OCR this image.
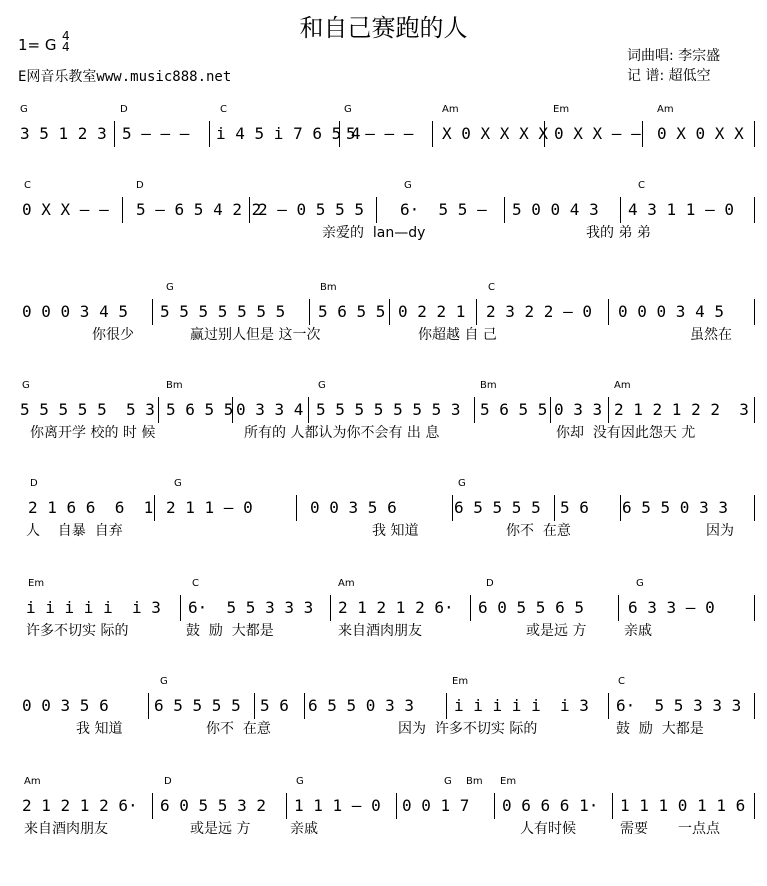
和自己赛跑的人
1= G 4
4
E网音乐教室www.music888.net
词曲唱: 李宗盛
记 谱: 超低空
G	D	C	G	Am	Em	Am
3 5 1 2 3 5 — — —	i 4 5 i 7 6 5 4
5 — — —	X 0 X X X X 0 X X — — 0 X 0 X X
C	D	G	C
0 X X — —	5 — 6 5 4 2 2
2 — 0 5 5 5	6·  5 5 —	5 0 0 4 3	4 3 1 1 — 0
亲爱的  lan—dy	我的 弟 弟
G	Bm	C
0 0 0 3 4 5	5 5 5 5 5 5 5	5 6 5 5 0 2 2 1	2 3 2 2 — 0	0 0 0 3 4 5
你很少	赢过别人但是 这一次	你超越 自 己	虽然在
G	Bm	G	Bm	Am
5 5 5 5 5  5 3 5 6 5 5 0 3 3 4 5 5 5 5 5 5 5 3	5 6 5 5 0 3 3 2 1 2 1 2 2  3
你离开学 校的 时 候	所有的 人都认为你不会有 出 息	你却  没有因此怨天 尤
D	G	G
2 1 6 6  6  1 2 1 1 — 0	0 0 3 5 6	6 5 5 5 5	5 6	6 5 5 0 3 3
人    自暴  自弃	我 知道	你不  在意	因为
Em	C	Am	D	G
i i i i i  i 3	6·  5 5 3 3 3	2 1 2 1 2 6·	6 0 5 5 6 5	6 3 3 — 0
许多不切实 际的	鼓  励  大都是	来自酒肉朋友	或是远 方	亲戚
G	Em	C
0 0 3 5 6	6 5 5 5 5	5 6	6 5 5 0 3 3	i i i i i  i 3	6·  5 5 3 3 3
我 知道	你不  在意	因为  许多不切实 际的	鼓  励  大都是
Am	D	G	G Bm Em
2 1 2 1 2 6·	6 0 5 5 3 2	1 1 1 — 0	0 0 1 7	0 6 6 6 1·	1 1 1 0 1 1 6
来自酒肉朋友	或是远 方	亲戚	人有时候	需要 一点点
